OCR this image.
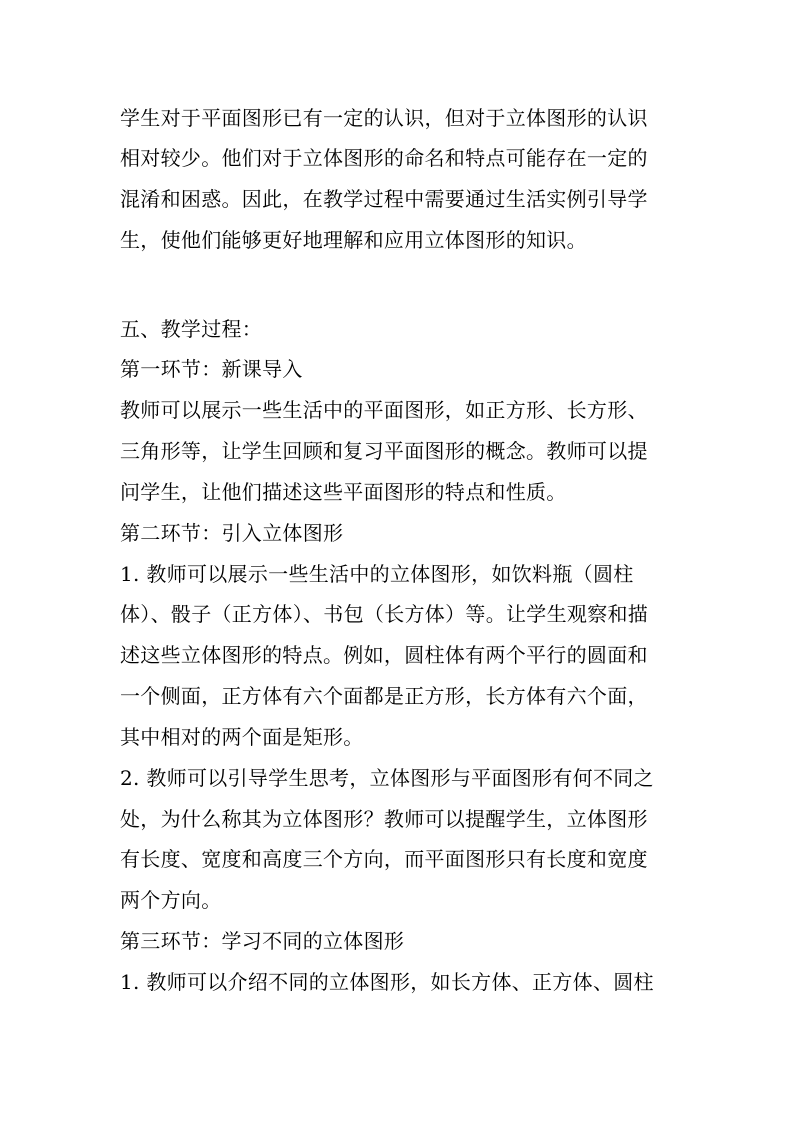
学生对于平面图形已有一定的认识，但对于立体图形的认识
相对较少。他们对于立体图形的命名和特点可能存在一定的
混淆和困惑。因此，在教学过程中需要通过生活实例引导学
生，使他们能够更好地理解和应用立体图形的知识。
五、教学过程：
第一环节：新课导入
教师可以展示一些生活中的平面图形，如正方形、长方形、
三角形等，让学生回顾和复习平面图形的概念。教师可以提
问学生，让他们描述这些平面图形的特点和性质。
第二环节：引入立体图形
1. 教师可以展示一些生活中的立体图形，如饮料瓶（圆柱
体）、骰子（正方体）、书包（长方体）等。让学生观察和描
述这些立体图形的特点。例如，圆柱体有两个平行的圆面和
一个侧面，正方体有六个面都是正方形，长方体有六个面，
其中相对的两个面是矩形。
2. 教师可以引导学生思考，立体图形与平面图形有何不同之
处，为什么称其为立体图形？教师可以提醒学生，立体图形
有长度、宽度和高度三个方向，而平面图形只有长度和宽度
两个方向。
第三环节：学习不同的立体图形
1. 教师可以介绍不同的立体图形，如长方体、正方体、圆柱
